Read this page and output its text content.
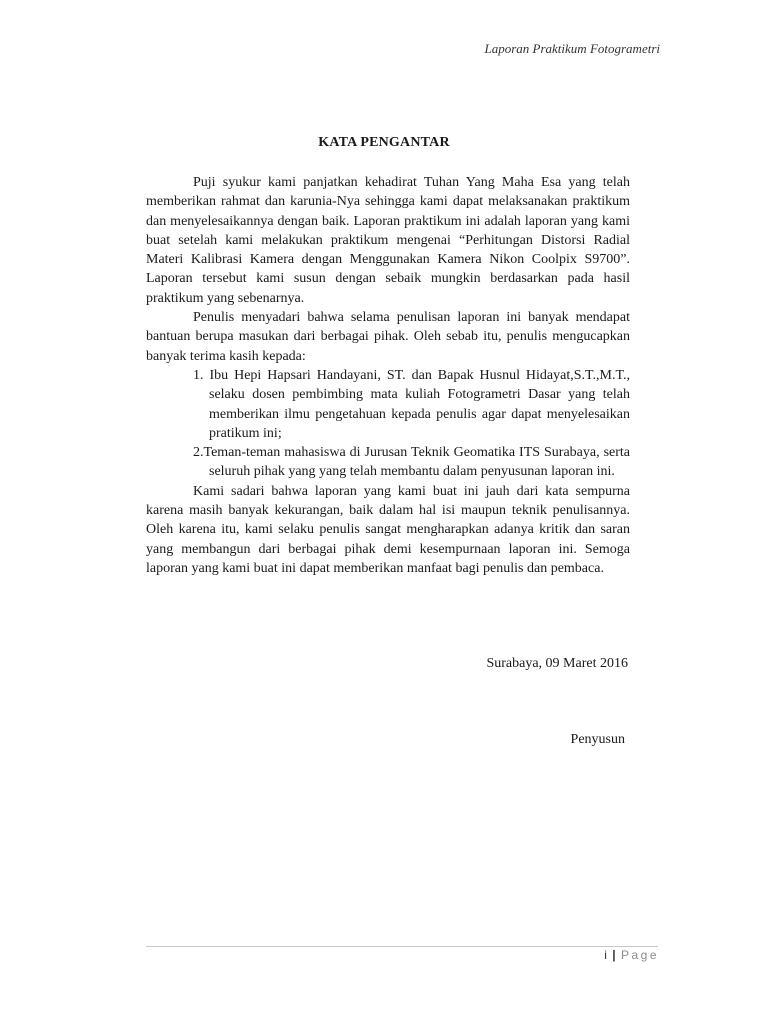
Laporan Praktikum Fotogrametri
KATA PENGANTAR

Puji syukur kami panjatkan kehadirat Tuhan Yang Maha Esa yang telah memberikan rahmat dan karunia-Nya sehingga kami dapat melaksanakan praktikum dan menyelesaikannya dengan baik. Laporan praktikum ini adalah laporan yang kami buat setelah kami melakukan praktikum mengenai “Perhitungan Distorsi Radial Materi Kalibrasi Kamera dengan Menggunakan Kamera Nikon Coolpix S9700”. Laporan tersebut kami susun dengan sebaik mungkin berdasarkan pada hasil praktikum yang sebenarnya.

Penulis menyadari bahwa selama penulisan laporan ini banyak mendapat bantuan berupa masukan dari berbagai pihak. Oleh sebab itu, penulis mengucapkan banyak terima kasih kepada:

1. Ibu Hepi Hapsari Handayani, ST. dan Bapak Husnul Hidayat,S.T.,M.T., selaku dosen pembimbing mata kuliah Fotogrametri Dasar yang telah memberikan ilmu pengetahuan kepada penulis agar dapat menyelesaikan pratikum ini;
2.Teman-teman mahasiswa di Jurusan Teknik Geomatika ITS Surabaya, serta seluruh pihak yang yang telah membantu dalam penyusunan laporan ini.

Kami sadari bahwa laporan yang kami buat ini jauh dari kata sempurna karena masih banyak kekurangan, baik dalam hal isi maupun teknik penulisannya. Oleh karena itu, kami selaku penulis sangat mengharapkan adanya kritik dan saran yang membangun dari berbagai pihak demi kesempurnaan laporan ini. Semoga laporan yang kami buat ini dapat memberikan manfaat bagi penulis dan pembaca.

Surabaya, 09 Maret 2016
Penyusun
i | Page
